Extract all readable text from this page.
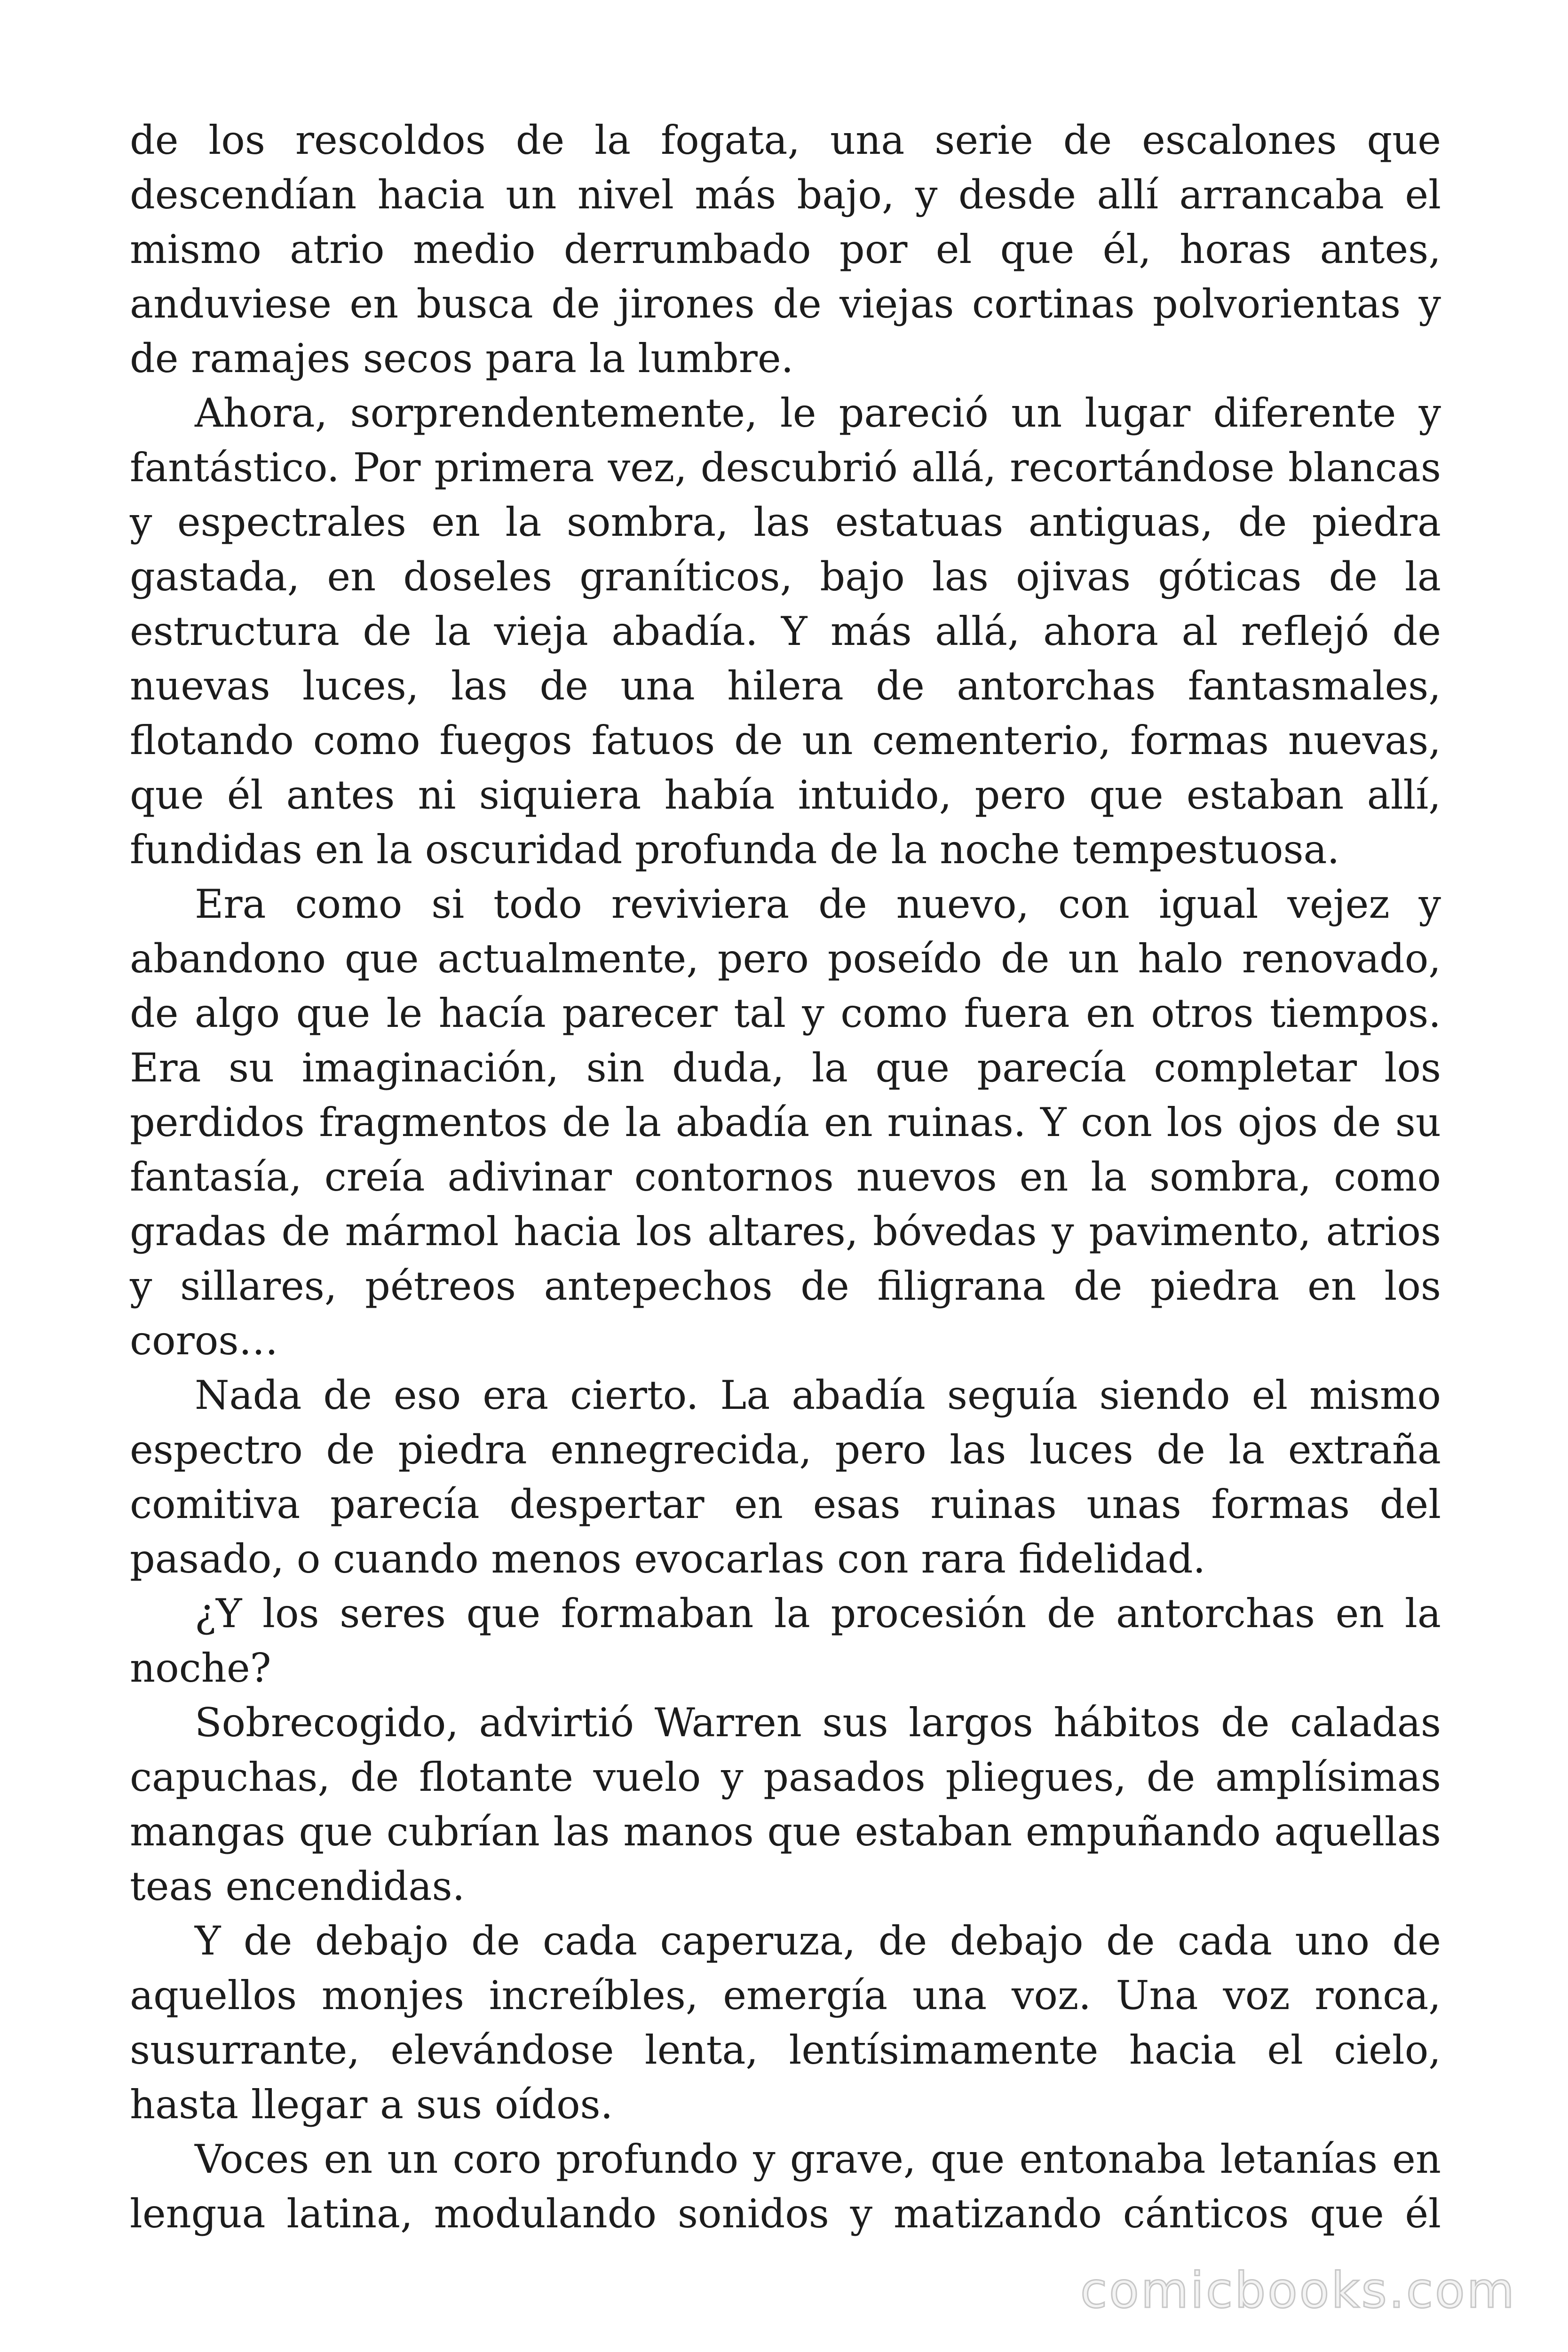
de los rescoldos de la fogata, una serie de escalones que descendían hacia un nivel más bajo, y desde allí arrancaba el mismo atrio medio derrumbado por el que él, horas antes, anduviese en busca de jirones de viejas cortinas polvorientas y de ramajes secos para la lumbre.

Ahora, sorprendentemente, le pareció un lugar diferente y fantástico. Por primera vez, descubrió allá, recortándose blancas y espectrales en la sombra, las estatuas antiguas, de piedra gastada, en doseles graníticos, bajo las ojivas góticas de la estructura de la vieja abadía. Y más allá, ahora al reflejó de nuevas luces, las de una hilera de antorchas fantasmales, flotando como fuegos fatuos de un cementerio, formas nuevas, que él antes ni siquiera había intuido, pero que estaban allí, fundidas en la oscuridad profunda de la noche tempestuosa.

Era como si todo reviviera de nuevo, con igual vejez y abandono que actualmente, pero poseído de un halo renovado, de algo que le hacía parecer tal y como fuera en otros tiempos. Era su imaginación, sin duda, la que parecía completar los perdidos fragmentos de la abadía en ruinas. Y con los ojos de su fantasía, creía adivinar contornos nuevos en la sombra, como gradas de mármol hacia los altares, bóvedas y pavimento, atrios y sillares, pétreos antepechos de filigrana de piedra en los coros…

Nada de eso era cierto. La abadía seguía siendo el mismo espectro de piedra ennegrecida, pero las luces de la extraña comitiva parecía despertar en esas ruinas unas formas del pasado, o cuando menos evocarlas con rara fidelidad.

¿Y los seres que formaban la procesión de antorchas en la noche?

Sobrecogido, advirtió Warren sus largos hábitos de caladas capuchas, de flotante vuelo y pasados pliegues, de amplísimas mangas que cubrían las manos que estaban empuñando aquellas teas encendidas.

Y de debajo de cada caperuza, de debajo de cada uno de aquellos monjes increíbles, emergía una voz. Una voz ronca, susurrante, elevándose lenta, lentísimamente hacia el cielo, hasta llegar a sus oídos.

Voces en un coro profundo y grave, que entonaba letanías en lengua latina, modulando sonidos y matizando cánticos que él

comicbooks.com
